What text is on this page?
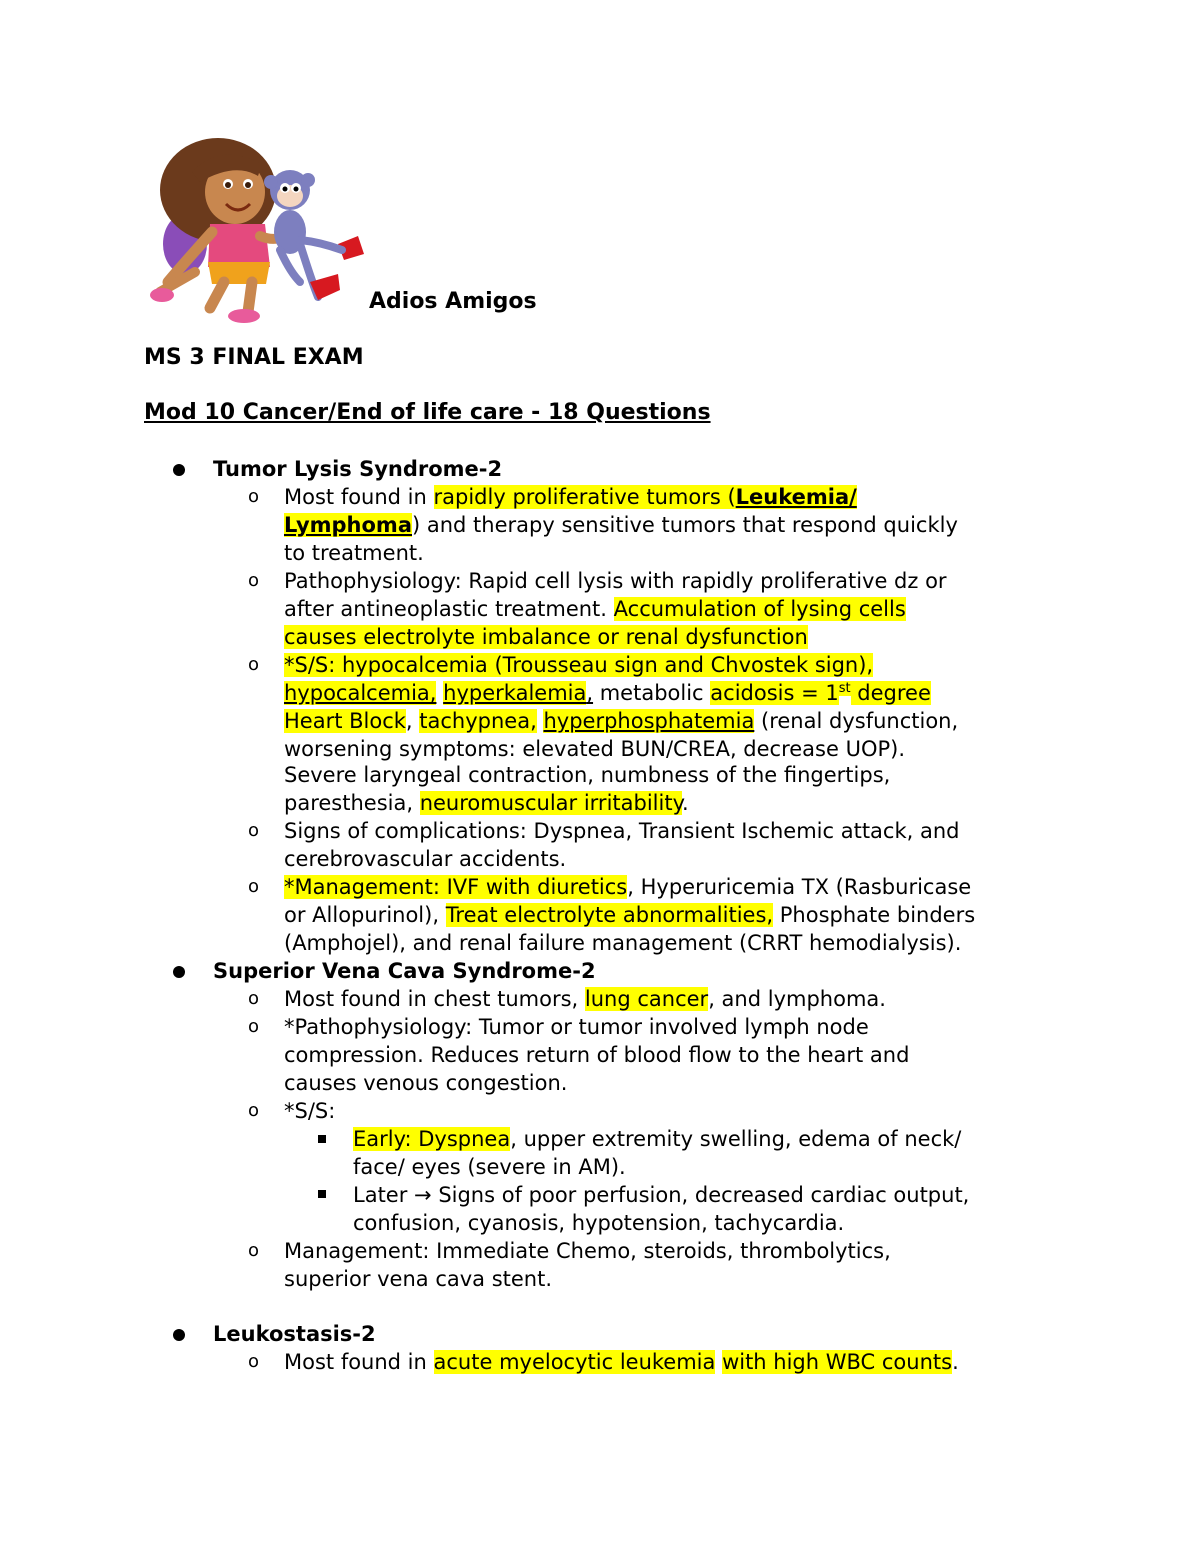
Adios Amigos
MS 3 FINAL EXAM
Mod 10 Cancer/End of life care - 18 Questions
Tumor Lysis Syndrome-2
o Most found in rapidly proliferative tumors (Leukemia/
Lymphoma) and therapy sensitive tumors that respond quickly
to treatment.
o Pathophysiology: Rapid cell lysis with rapidly proliferative dz or
after antineoplastic treatment. Accumulation of lysing cells
causes electrolyte imbalance or renal dysfunction
o *S/S: hypocalcemia (Trousseau sign and Chvostek sign),
hypocalcemia, hyperkalemia, metabolic acidosis = 1st degree
Heart Block, tachypnea, hyperphosphatemia (renal dysfunction,
worsening symptoms: elevated BUN/CREA, decrease UOP).
Severe laryngeal contraction, numbness of the fingertips,
paresthesia, neuromuscular irritability.
o Signs of complications: Dyspnea, Transient Ischemic attack, and
cerebrovascular accidents.
o *Management: IVF with diuretics, Hyperuricemia TX (Rasburicase
or Allopurinol), Treat electrolyte abnormalities, Phosphate binders
(Amphojel), and renal failure management (CRRT hemodialysis).
Superior Vena Cava Syndrome-2
o Most found in chest tumors, lung cancer, and lymphoma.
o *Pathophysiology: Tumor or tumor involved lymph node
compression. Reduces return of blood flow to the heart and
causes venous congestion.
o *S/S:
Early: Dyspnea, upper extremity swelling, edema of neck/
face/ eyes (severe in AM).
Later → Signs of poor perfusion, decreased cardiac output,
confusion, cyanosis, hypotension, tachycardia.
o Management: Immediate Chemo, steroids, thrombolytics,
superior vena cava stent.
Leukostasis-2
o Most found in acute myelocytic leukemia with high WBC counts.
